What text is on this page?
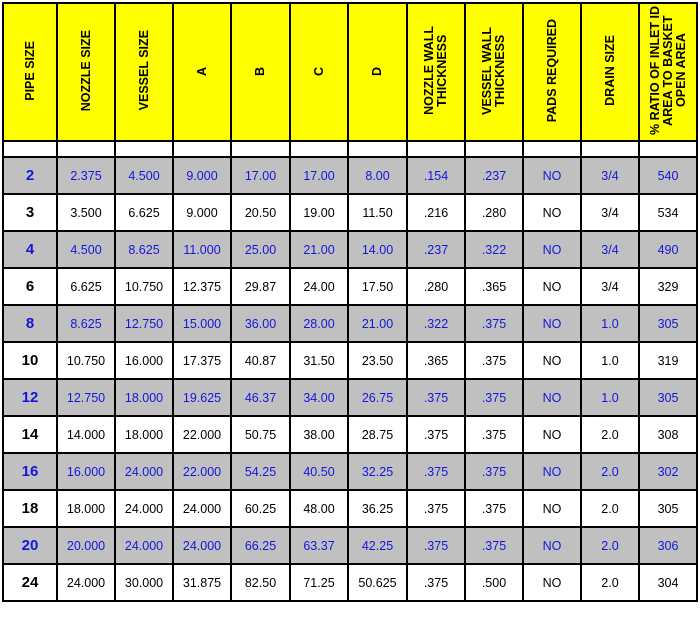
PIPE SIZE	NOZZLE SIZE	VESSEL SIZE	A	B	C	D	NOZZLE WALL
THICKNESS	VESSEL WALL
THICKNESS	PADS REQUIRED	DRAIN SIZE	% RATIO OF INLET ID
AREA TO BASKET
OPEN AREA

2	2.375	4.500	9.000	17.00	17.00	8.00	.154	.237	NO	3/4	540
3	3.500	6.625	9.000	20.50	19.00	11.50	.216	.280	NO	3/4	534
4	4.500	8.625	11.000	25.00	21.00	14.00	.237	.322	NO	3/4	490
6	6.625	10.750	12.375	29.87	24.00	17.50	.280	.365	NO	3/4	329
8	8.625	12.750	15.000	36.00	28.00	21.00	.322	.375	NO	1.0	305
10	10.750	16.000	17.375	40.87	31.50	23.50	.365	.375	NO	1.0	319
12	12.750	18.000	19.625	46.37	34.00	26.75	.375	.375	NO	1.0	305
14	14.000	18.000	22.000	50.75	38.00	28.75	.375	.375	NO	2.0	308
16	16.000	24.000	22.000	54.25	40.50	32.25	.375	.375	NO	2.0	302
18	18.000	24.000	24.000	60.25	48.00	36.25	.375	.375	NO	2.0	305
20	20.000	24.000	24.000	66.25	63.37	42.25	.375	.375	NO	2.0	306
24	24.000	30.000	31.875	82.50	71.25	50.625	.375	.500	NO	2.0	304
